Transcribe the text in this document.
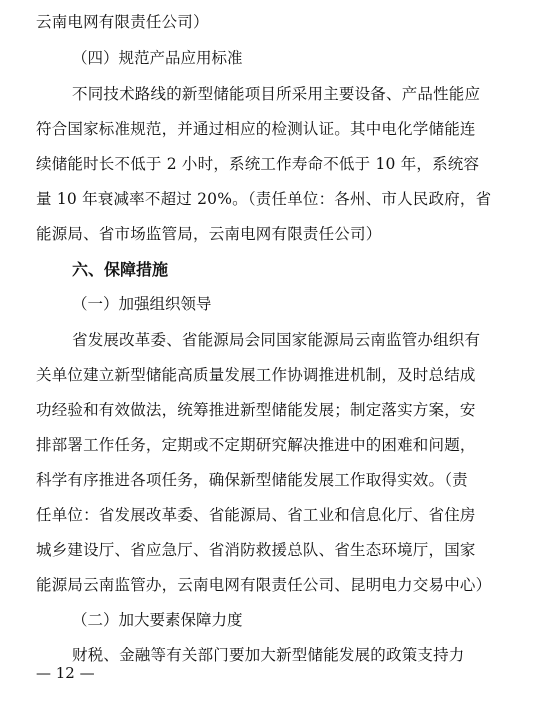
云南电网有限责任公司）
（四）规范产品应用标准
不同技术路线的新型储能项目所采用主要设备、产品性能应
符合国家标准规范，并通过相应的检测认证。其中电化学储能连
续储能时长不低于 2 小时，系统工作寿命不低于 10 年，系统容
量 10 年衰减率不超过 20%。（责任单位：各州、市人民政府，省
能源局、省市场监管局，云南电网有限责任公司）
六、保障措施
（一）加强组织领导
省发展改革委、省能源局会同国家能源局云南监管办组织有
关单位建立新型储能高质量发展工作协调推进机制，及时总结成
功经验和有效做法，统筹推进新型储能发展；制定落实方案，安
排部署工作任务，定期或不定期研究解决推进中的困难和问题，
科学有序推进各项任务，确保新型储能发展工作取得实效。（责
任单位：省发展改革委、省能源局、省工业和信息化厅、省住房
城乡建设厅、省应急厅、省消防救援总队、省生态环境厅，国家
能源局云南监管办，云南电网有限责任公司、昆明电力交易中心）
（二）加大要素保障力度
财税、金融等有关部门要加大新型储能发展的政策支持力
— 12 —
